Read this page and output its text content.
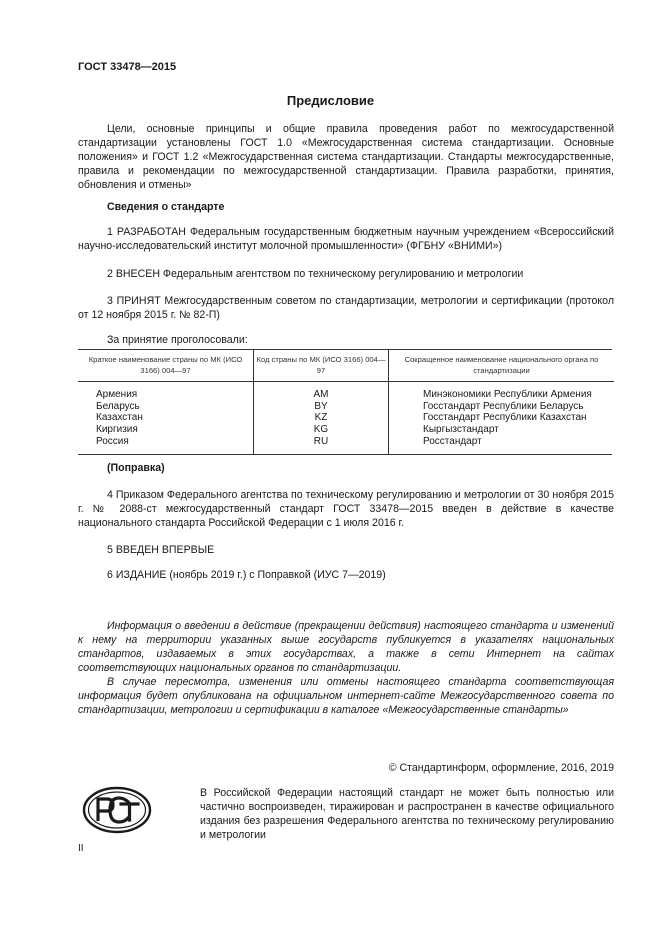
ГОСТ 33478—2015
Предисловие
Цели, основные принципы и общие правила проведения работ по межгосударственной стандартизации установлены ГОСТ 1.0 «Межгосударственная система стандартизации. Основные положения» и ГОСТ 1.2 «Межгосударственная система стандартизации. Стандарты межгосударственные, правила и рекомендации по межгосударственной стандартизации. Правила разработки, принятия, обновления и отмены»
Сведения о стандарте
1 РАЗРАБОТАН Федеральным государственным бюджетным научным учреждением «Всероссийский научно-исследовательский институт молочной промышленности» (ФГБНУ «ВНИМИ»)
2 ВНЕСЕН Федеральным агентством по техническому регулированию и метрологии
3 ПРИНЯТ Межгосударственным советом по стандартизации, метрологии и сертификации (протокол от 12 ноября 2015 г. № 82-П)
За принятие проголосовали:
Краткое наименование страны по МК (ИСО 3166) 004—97	Код страны по МК (ИСО 3166) 004—97	Сокращенное наименование национального органа по стандартизации
Армения	AM	Минэкономики Республики Армения
Беларусь	BY	Госстандарт Республики Беларусь
Казахстан	KZ	Госстандарт Республики Казахстан
Киргизия	KG	Кыргызстандарт
Россия	RU	Росстандарт
(Поправка)
4 Приказом Федерального агентства по техническому регулированию и метрологии от 30 ноября 2015 г. № 2088-ст межгосударственный стандарт ГОСТ 33478—2015 введен в действие в качестве национального стандарта Российской Федерации с 1 июля 2016 г.
5 ВВЕДЕН ВПЕРВЫЕ
6 ИЗДАНИЕ (ноябрь 2019 г.) с Поправкой (ИУС 7—2019)
Информация о введении в действие (прекращении действия) настоящего стандарта и изменений к нему на территории указанных выше государств публикуется в указателях национальных стандартов, издаваемых в этих государствах, а также в сети Интернет на сайтах соответствующих национальных органов по стандартизации.
В случае пересмотра, изменения или отмены настоящего стандарта соответствующая информация будет опубликована на официальном интернет-сайте Межгосударственного совета по стандартизации, метрологии и сертификации в каталоге «Межгосударственные стандарты»
© Стандартинформ, оформление, 2016, 2019
В Российской Федерации настоящий стандарт не может быть полностью или частично воспроизведен, тиражирован и распространен в качестве официального издания без разрешения Федерального агентства по техническому регулированию и метрологии
II
